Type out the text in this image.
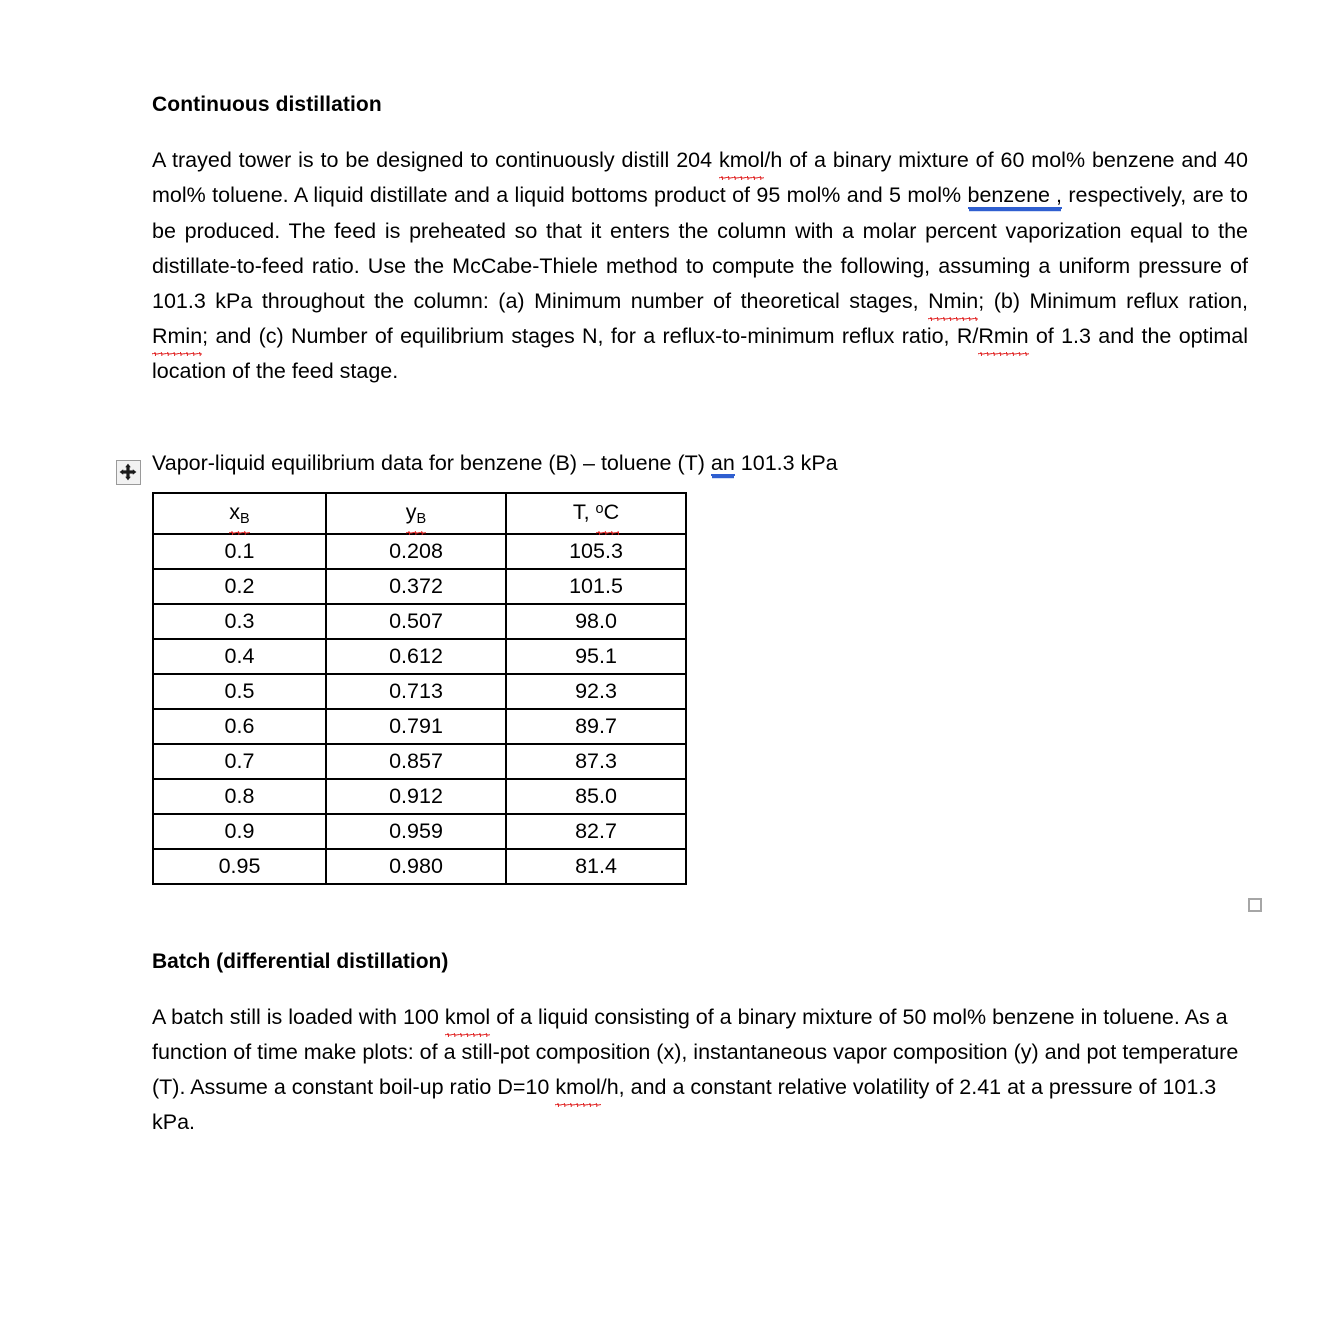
Continuous distillation

A trayed tower is to be designed to continuously distill 204 kmol/h of a binary mixture of 60 mol% benzene and 40 mol% toluene. A liquid distillate and a liquid bottoms product of 95 mol% and 5 mol% benzene , respectively, are to be produced. The feed is preheated so that it enters the column with a molar percent vaporization equal to the distillate-to-feed ratio. Use the McCabe-Thiele method to compute the following, assuming a uniform pressure of 101.3 kPa throughout the column: (a) Minimum number of theoretical stages, Nmin; (b) Minimum reflux ration, Rmin; and (c) Number of equilibrium stages N, for a reflux-to-minimum reflux ratio, R/Rmin of 1.3 and the optimal location of the feed stage.

Vapor-liquid equilibrium data for benzene (B) – toluene (T) an 101.3 kPa

$x_B$	$y_B$	T, $^o$C
0.1	0.208	105.3
0.2	0.372	101.5
0.3	0.507	98.0
0.4	0.612	95.1
0.5	0.713	92.3
0.6	0.791	89.7
0.7	0.857	87.3
0.8	0.912	85.0
0.9	0.959	82.7
0.95	0.980	81.4
Batch (differential distillation)

A batch still is loaded with 100 kmol of a liquid consisting of a binary mixture of 50 mol% benzene in toluene. As a function of time make plots: of a still-pot composition (x), instantaneous vapor composition (y) and pot temperature (T). Assume a constant boil-up ratio D=10 kmol/h, and a constant relative volatility of 2.41 at a pressure of 101.3 kPa.
